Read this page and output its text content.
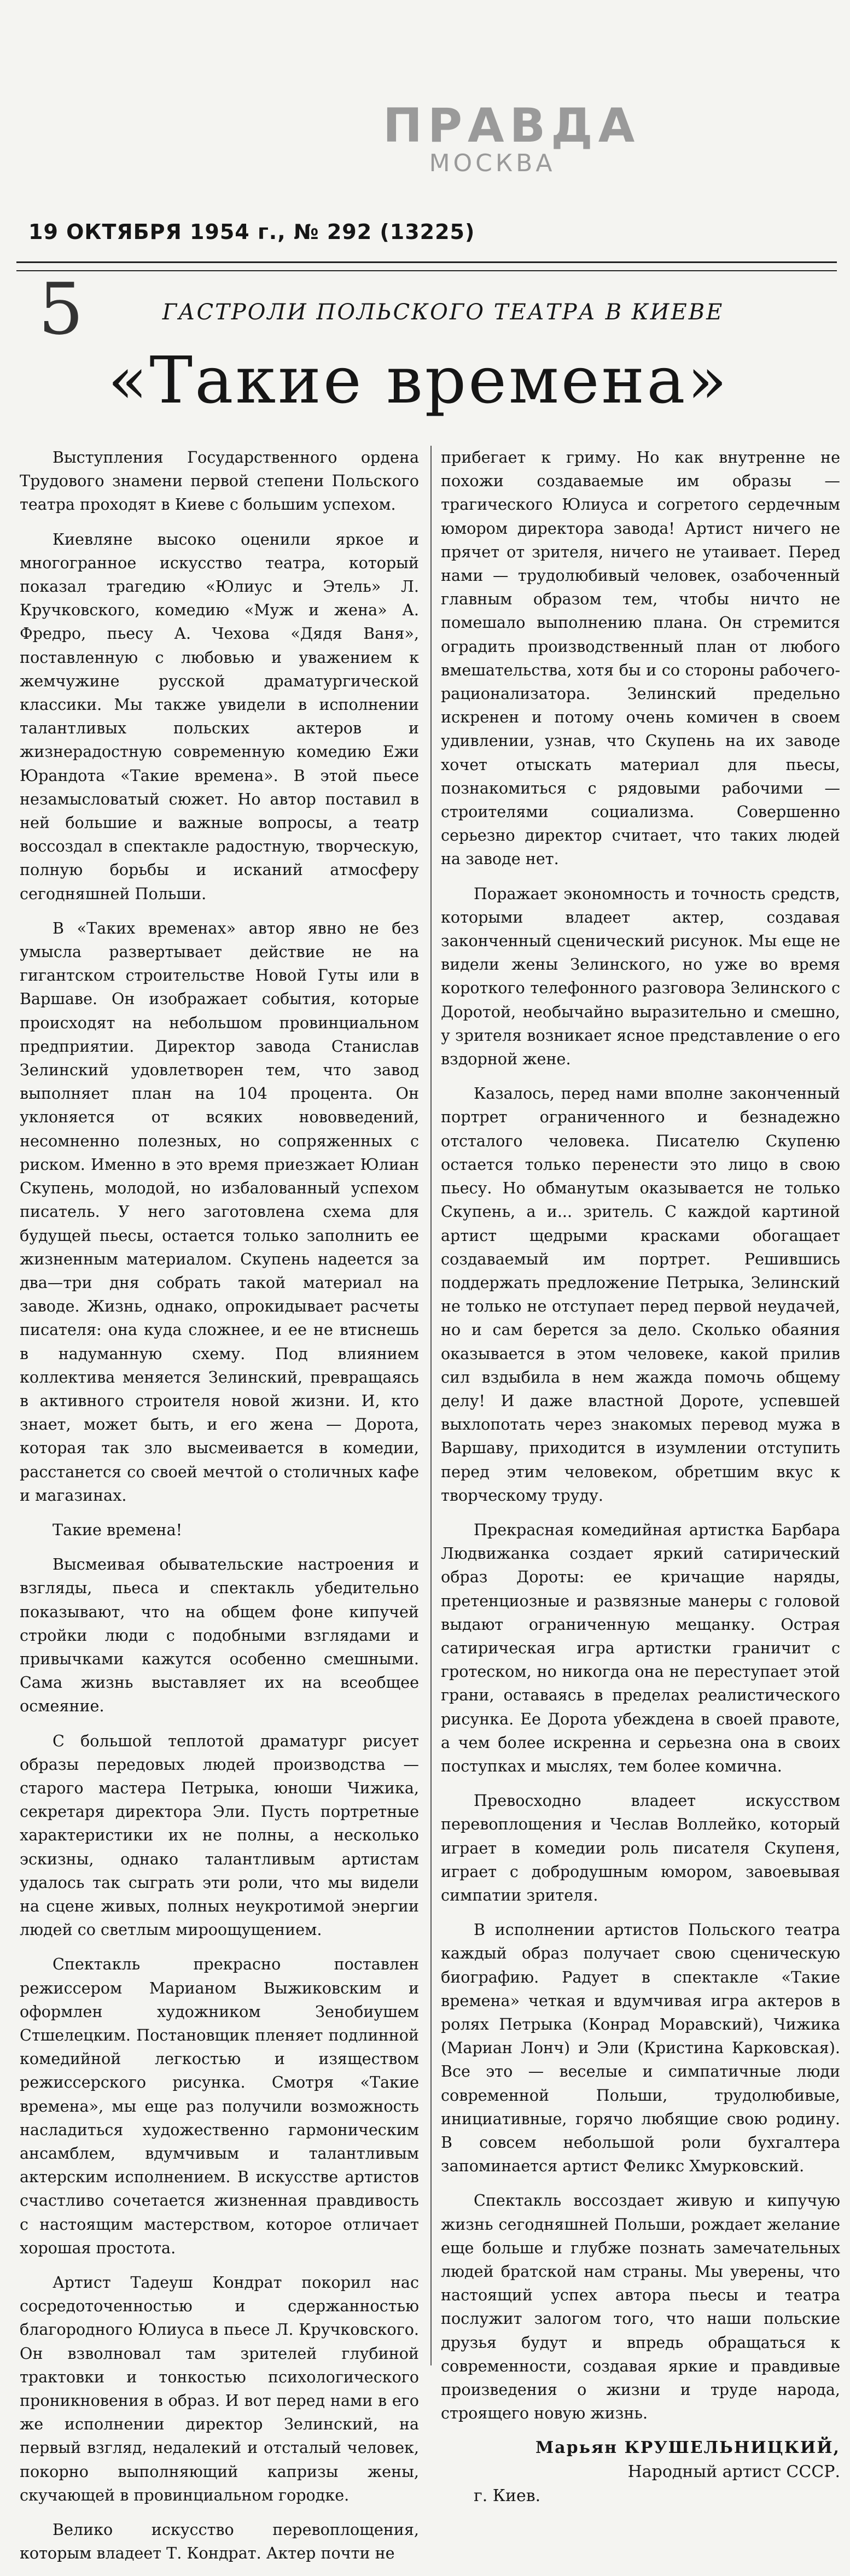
ПРАВДА
МОСКВА
19 ОКТЯБРЯ 1954 г., № 292 (13225)
5	ГАСТРОЛИ ПОЛЬСКОГО ТЕАТРА В КИЕВЕ
«Такие времена»

Выступления Государственного ордена Трудового знамени первой степени Польского театра проходят в Киеве с большим успехом.

Киевляне высоко оценили яркое и многогранное искусство театра, который показал трагедию «Юлиус и Этель» Л. Кручковского, комедию «Муж и жена» А. Фредро, пьесу А. Чехова «Дядя Ваня», поставленную с любовью и уважением к жемчужине русской драматургической классики. Мы также увидели в исполнении талантливых польских актеров и жизнерадостную современную комедию Ежи Юрандота «Такие времена». В этой пьесе незамысловатый сюжет. Но автор поставил в ней большие и важные вопросы, а театр воссоздал в спектакле радостную, творческую, полную борьбы и исканий атмосферу сегодняшней Польши.

В «Таких временах» автор явно не без умысла развертывает действие не на гигантском строительстве Новой Гуты или в Варшаве. Он изображает события, которые происходят на небольшом провинциальном предприятии. Директор завода Станислав Зелинский удовлетворен тем, что завод выполняет план на 104 процента. Он уклоняется от всяких нововведений, несомненно полезных, но сопряженных с риском. Именно в это время приезжает Юлиан Скупень, молодой, но избалованный успехом писатель. У него заготовлена схема для будущей пьесы, остается только заполнить ее жизненным материалом. Скупень надеется за два—три дня собрать такой материал на заводе. Жизнь, однако, опрокидывает расчеты писателя: она куда сложнее, и ее не втиснешь в надуманную схему. Под влиянием коллектива меняется Зелинский, превращаясь в активного строителя новой жизни. И, кто знает, может быть, и его жена — Дорота, которая так зло высмеивается в комедии, расстанется со своей мечтой о столичных кафе и магазинах.

Такие времена!

Высмеивая обывательские настроения и взгляды, пьеса и спектакль убедительно показывают, что на общем фоне кипучей стройки люди с подобными взглядами и привычками кажутся особенно смешными. Сама жизнь выставляет их на всеобщее осмеяние.

С большой теплотой драматург рисует образы передовых людей производства — старого мастера Петрыка, юноши Чижика, секретаря директора Эли. Пусть портретные характеристики их не полны, а несколько эскизны, однако талантливым артистам удалось так сыграть эти роли, что мы видели на сцене живых, полных неукротимой энергии людей со светлым мироощущением.

Спектакль прекрасно поставлен режиссером Марианом Выжиковским и оформлен художником Зенобиушем Стшелецким. Постановщик пленяет подлинной комедийной легкостью и изяществом режиссерского рисунка. Смотря «Такие времена», мы еще раз получили возможность насладиться художественно гармоническим ансамблем, вдумчивым и талантливым актерским исполнением. В искусстве артистов счастливо сочетается жизненная правдивость с настоящим мастерством, которое отличает хорошая простота.

Артист Тадеуш Кондрат покорил нас сосредоточенностью и сдержанностью благородного Юлиуса в пьесе Л. Кручковского. Он взволновал там зрителей глубиной трактовки и тонкостью психологического проникновения в образ. И вот перед нами в его же исполнении директор Зелинский, на первый взгляд, недалекий и отсталый человек, покорно выполняющий капризы жены, скучающей в провинциальном городке.

Велико искусство перевоплощения, которым владеет Т. Кондрат. Актер почти не

прибегает к гриму. Но как внутренне не похожи создаваемые им образы — трагического Юлиуса и согретого сердечным юмором директора завода! Артист ничего не прячет от зрителя, ничего не утаивает. Перед нами — трудолюбивый человек, озабоченный главным образом тем, чтобы ничто не помешало выполнению плана. Он стремится оградить производственный план от любого вмешательства, хотя бы и со стороны рабочего-рационализатора. Зелинский предельно искренен и потому очень комичен в своем удивлении, узнав, что Скупень на их заводе хочет отыскать материал для пьесы, познакомиться с рядовыми рабочими — строителями социализма. Совершенно серьезно директор считает, что таких людей на заводе нет.

Поражает экономность и точность средств, которыми владеет актер, создавая законченный сценический рисунок. Мы еще не видели жены Зелинского, но уже во время короткого телефонного разговора Зелинского с Доротой, необычайно выразительно и смешно, у зрителя возникает ясное представление о его вздорной жене.

Казалось, перед нами вполне законченный портрет ограниченного и безнадежно отсталого человека. Писателю Скупеню остается только перенести это лицо в свою пьесу. Но обманутым оказывается не только Скупень, а и... зритель. С каждой картиной артист щедрыми красками обогащает создаваемый им портрет. Решившись поддержать предложение Петрыка, Зелинский не только не отступает перед первой неудачей, но и сам берется за дело. Сколько обаяния оказывается в этом человеке, какой прилив сил вздыбила в нем жажда помочь общему делу! И даже властной Дороте, успевшей выхлопотать через знакомых перевод мужа в Варшаву, приходится в изумлении отступить перед этим человеком, обретшим вкус к творческому труду.

Прекрасная комедийная артистка Барбара Людвижанка создает яркий сатирический образ Дороты: ее кричащие наряды, претенциозные и развязные манеры с головой выдают ограниченную мещанку. Острая сатирическая игра артистки граничит с гротеском, но никогда она не переступает этой грани, оставаясь в пределах реалистического рисунка. Ее Дорота убеждена в своей правоте, а чем более искренна и серьезна она в своих поступках и мыслях, тем более комична.

Превосходно владеет искусством перевоплощения и Чеслав Воллейко, который играет в комедии роль писателя Скупеня, играет с добродушным юмором, завоевывая симпатии зрителя.

В исполнении артистов Польского театра каждый образ получает свою сценическую биографию. Радует в спектакле «Такие времена» четкая и вдумчивая игра актеров в ролях Петрыка (Конрад Моравский), Чижика (Мариан Лонч) и Эли (Кристина Карковская). Все это — веселые и симпатичные люди современной Польши, трудолюбивые, инициативные, горячо любящие свою родину. В совсем небольшой роли бухгалтера запоминается артист Феликс Хмурковский.

Спектакль воссоздает живую и кипучую жизнь сегодняшней Польши, рождает желание еще больше и глубже познать замечательных людей братской нам страны. Мы уверены, что настоящий успех автора пьесы и театра послужит залогом того, что наши польские друзья будут и впредь обращаться к современности, создавая яркие и правдивые произведения о жизни и труде народа, строящего новую жизнь.

Марьян КРУШЕЛЬНИЦКИЙ,
Народный артист СССР.
г. Киев.
